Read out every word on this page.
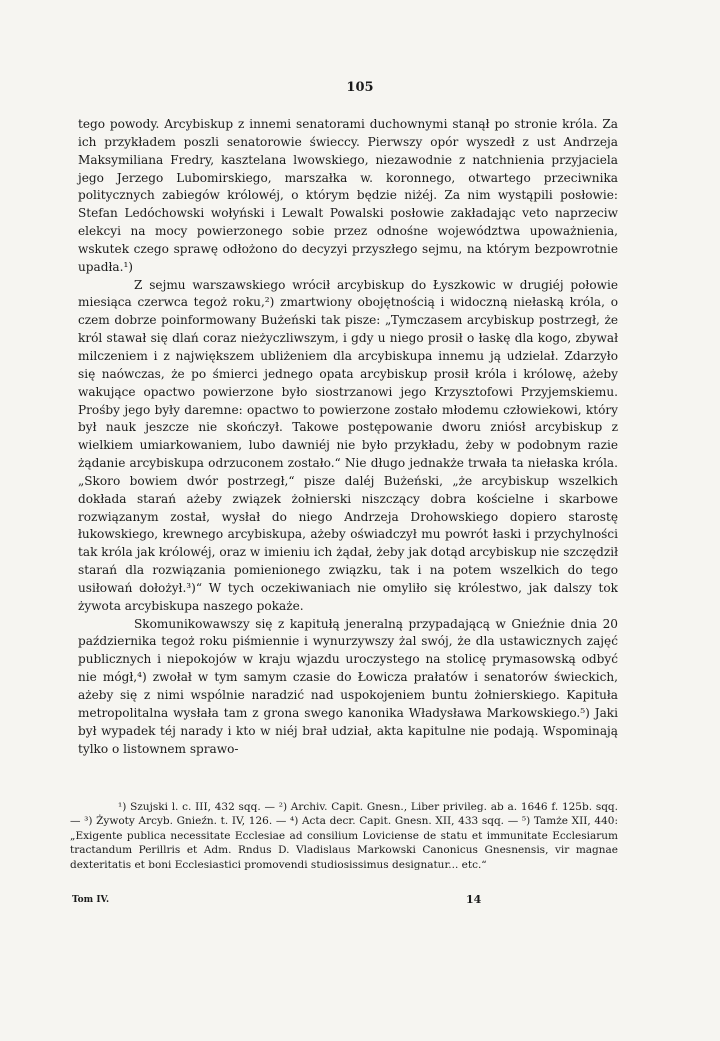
105

tego powody. Arcybiskup z innemi senatorami duchownymi stanął po stronie króla. Za ich przykładem poszli senatorowie świeccy. Pierwszy opór wyszedł z ust Andrzeja Maksymiliana Fredry, kasztelana lwowskiego, niezawodnie z natchnienia przyjaciela jego Jerzego Lubomirskiego, marszałka w. koronnego, otwartego przeciwnika politycznych zabiegów królowéj, o którym będzie niżéj. Za nim wystąpili posłowie: Stefan Ledóchowski wołyński i Lewalt Powalski posłowie zakładając veto naprzeciw elekcyi na mocy powierzonego sobie przez odnośne województwa upoważnienia, wskutek czego sprawę odłożono do decyzyi przyszłego sejmu, na którym bezpowrotnie upadła.¹)

Z sejmu warszawskiego wrócił arcybiskup do Łyszkowic w drugiéj połowie miesiąca czerwca tegoż roku,²) zmartwiony obojętnością i widoczną niełaską króla, o czem dobrze poinformowany Bużeński tak pisze: „Tymczasem arcybiskup postrzegł, że król stawał się dlań coraz nieżyczliwszym, i gdy u niego prosił o łaskę dla kogo, zbywał milczeniem i z największem ubliżeniem dla arcybiskupa innemu ją udzielał. Zdarzyło się naówczas, że po śmierci jednego opata arcybiskup prosił króla i królowę, ażeby wakujące opactwo powierzone było siostrzanowi jego Krzysztofowi Przyjemskiemu. Prośby jego były daremne: opactwo to powierzone zostało młodemu człowiekowi, który był nauk jeszcze nie skończył. Takowe postępowanie dworu zniósł arcybiskup z wielkiem umiarkowaniem, lubo dawniéj nie było przykładu, żeby w podobnym razie żądanie arcybiskupa odrzuconem zostało.“ Nie długo jednakże trwała ta niełaska króla. „Skoro bowiem dwór postrzegł,“ pisze daléj Bużeński, „że arcybiskup wszelkich dokłada starań ażeby związek żołnierski niszczący dobra kościelne i skarbowe rozwiązanym został, wysłał do niego Andrzeja Drohowskiego dopiero starostę łukowskiego, krewnego arcybiskupa, ażeby oświadczył mu powrót łaski i przychylności tak króla jak królowéj, oraz w imieniu ich żądał, żeby jak dotąd arcybiskup nie szczędził starań dla rozwiązania pomienionego związku, tak i na potem wszelkich do tego usiłowań dołożył.³)“ W tych oczekiwaniach nie omyliło się królestwo, jak dalszy tok żywota arcybiskupa naszego pokaże.

Skomunikowawszy się z kapitułą jeneralną przypadającą w Gnieźnie dnia 20 października tegoż roku piśmiennie i wynurzywszy żal swój, że dla ustawicznych zajęć publicznych i niepokojów w kraju wjazdu uroczystego na stolicę prymasowską odbyć nie mógł,⁴) zwołał w tym samym czasie do Łowicza prałatów i senatorów świeckich, ażeby się z nimi wspólnie naradzić nad uspokojeniem buntu żołnierskiego. Kapituła metropolitalna wysłała tam z grona swego kanonika Władysława Markowskiego.⁵) Jaki był wypadek téj narady i kto w niéj brał udział, akta kapitulne nie podają. Wspominają tylko o listownem sprawo-

¹) Szujski l. c. III, 432 sqq. — ²) Archiv. Capit. Gnesn., Liber privileg. ab a. 1646 f. 125b. sqq. — ³) Żywoty Arcyb. Gnieźn. t. IV, 126. — ⁴) Acta decr. Capit. Gnesn. XII, 433 sqq. — ⁵) Tamże XII, 440: „Exigente publica necessitate Ecclesiae ad consilium Loviciense de statu et immunitate Ecclesiarum tractandum Perillris et Adm. Rndus D. Vladislaus Markowski Canonicus Gnesnensis, vir magnae dexteritatis et boni Ecclesiastici promovendi studiosissimus designatur... etc.“

Tom IV.	14
